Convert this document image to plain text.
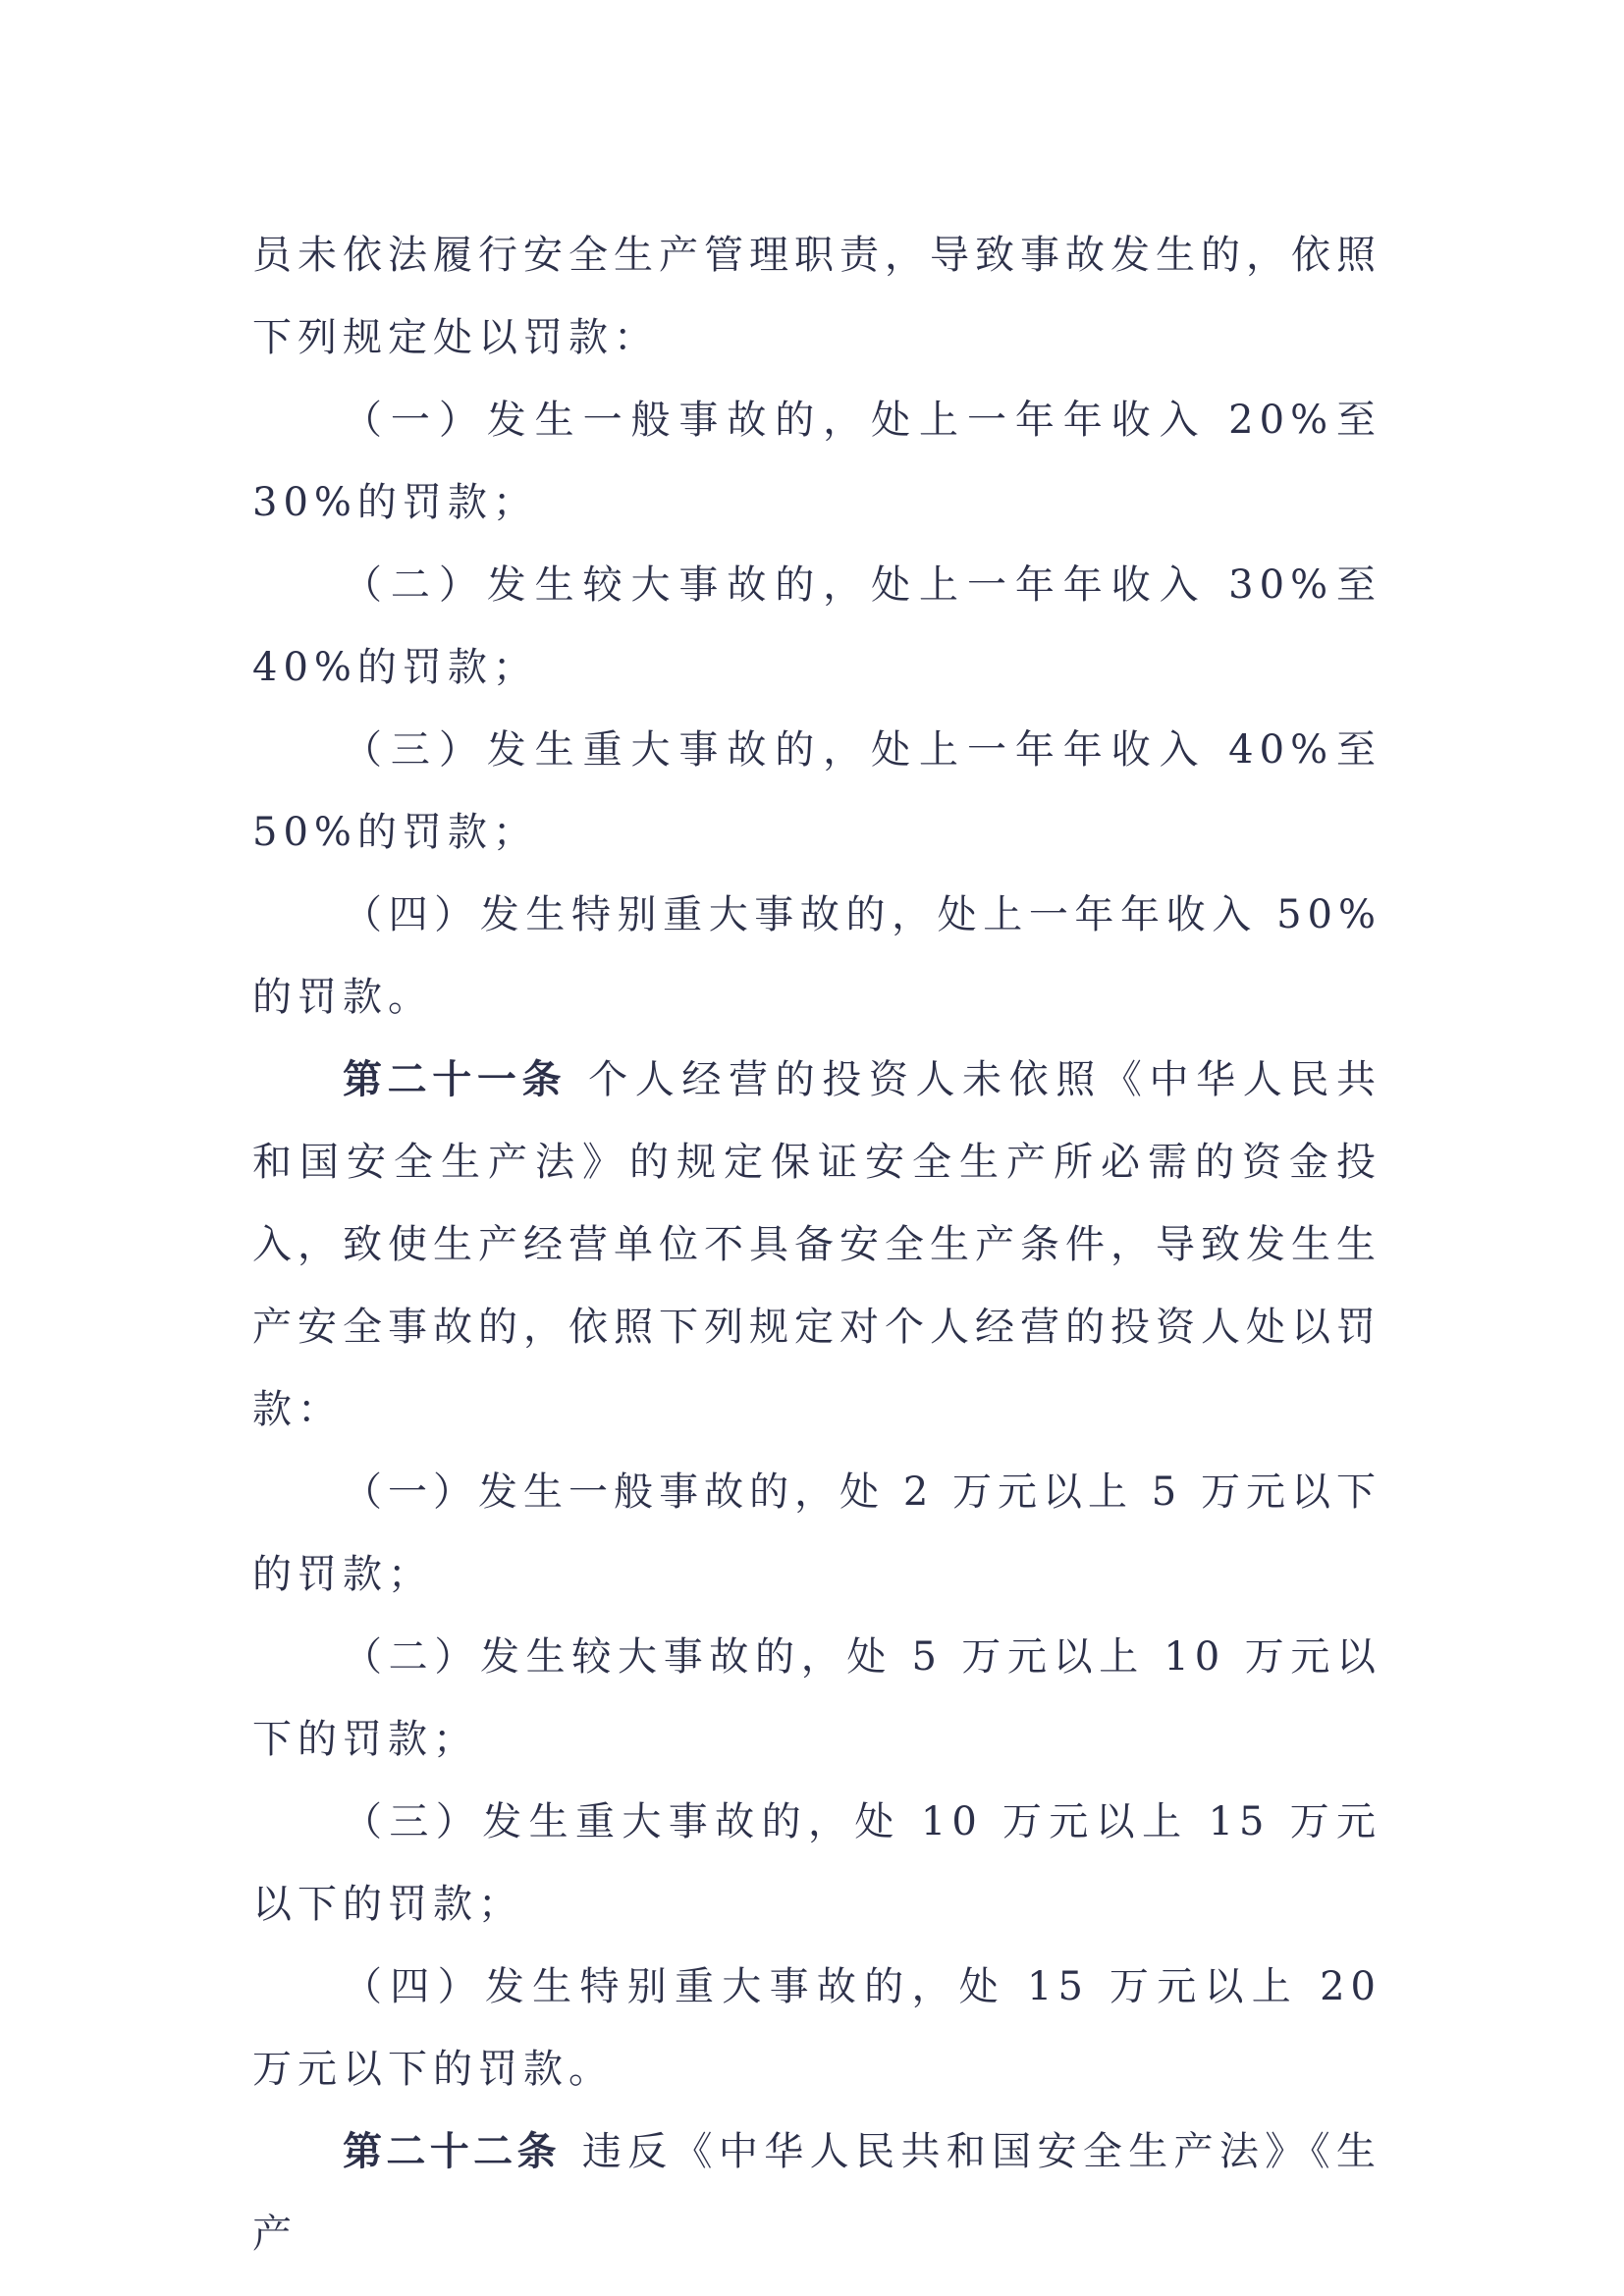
员未依法履行安全生产管理职责，导致事故发生的，依照下列规定处以罚款：

（一）发生一般事故的，处上一年年收入 20%至 30%的罚款；

（二）发生较大事故的，处上一年年收入 30%至 40%的罚款；

（三）发生重大事故的，处上一年年收入 40%至 50%的罚款；

（四）发生特别重大事故的，处上一年年收入 50%的罚款。

第二十一条 个人经营的投资人未依照《中华人民共和国安全生产法》的规定保证安全生产所必需的资金投入，致使生产经营单位不具备安全生产条件，导致发生生产安全事故的，依照下列规定对个人经营的投资人处以罚款：

（一）发生一般事故的，处 2 万元以上 5 万元以下的罚款；

（二）发生较大事故的，处 5 万元以上 10 万元以下的罚款；

（三）发生重大事故的，处 10 万元以上 15 万元以下的罚款；

（四）发生特别重大事故的，处 15 万元以上 20 万元以下的罚款。

第二十二条 违反《中华人民共和国安全生产法》《生产
